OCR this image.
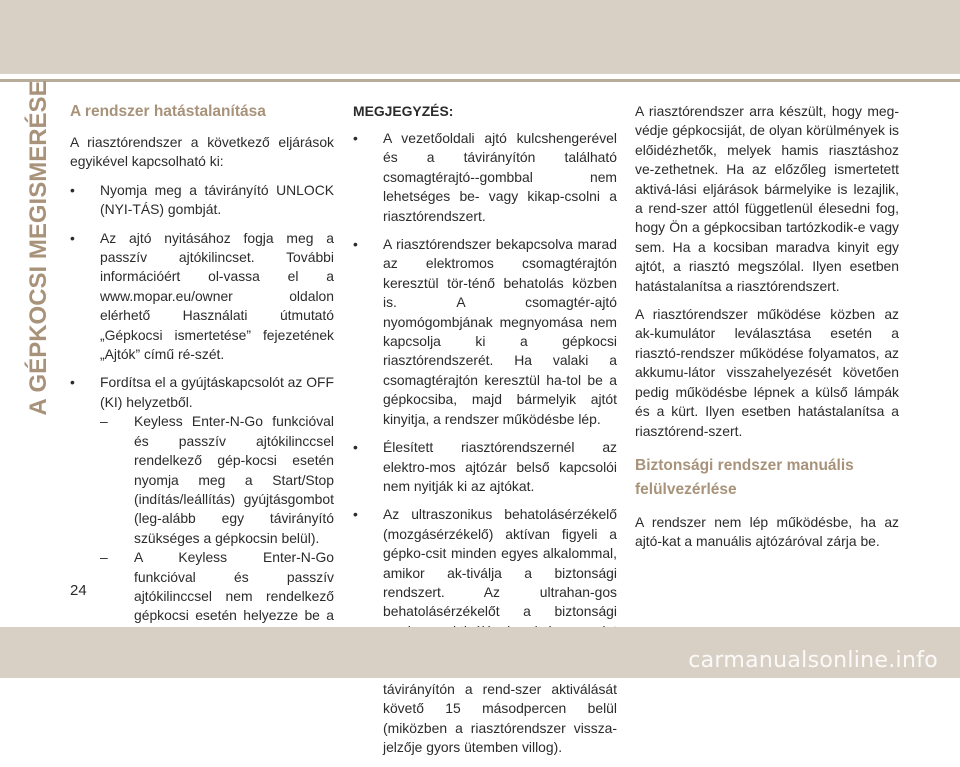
A GÉPKOCSI MEGISMERÉSE A rendszer hatástalanítása

A riasztórendszer a következő eljárások egyikével kapcsolható ki:

• Nyomja meg a távirányító UNLOCK (NYI-TÁS) gombját.
• Az ajtó nyitásához fogja meg a passzív ajtókilincset. További információért ol-vassa el a www.mopar.eu/owner oldalon elérhető Használati útmutató „Gépkocsi ismertetése” fejezetének „Ajtók” című ré-szét.
• Fordítsa el a gyújtáskapcsolót az OFF (KI) helyzetből.
– Keyless Enter-N-Go funkcióval és passzív ajtókilinccsel rendelkező gép-kocsi esetén nyomja meg a Start/Stop (indítás/leállítás) gyújtásgombot (leg-alább egy távirányító szükséges a gépkocsin belül).
– A Keyless Enter-N-Go funkcióval és passzív ajtókilinccsel nem rendelkező gépkocsi esetén helyezze be a
MEGJEGYZÉS:
• A vezetőoldali ajtó kulcshengerével és a távirányítón található csomagtérajtó--gombbal nem lehetséges be- vagy kikap-csolni a riasztórendszert.
• A riasztórendszer bekapcsolva marad az elektromos csomagtérajtón keresztül tör-ténő behatolás közben is. A csomagtér-ajtó nyomógombjának megnyomása nem kapcsolja ki a gépkocsi riasztórendszerét. Ha valaki a csomagtérajtón keresztül ha-tol be a gépkocsiba, majd bármelyik ajtót kinyitja, a rendszer működésbe lép.
• Élesített riasztórendszernél az elektro-mos ajtózár belső kapcsolói nem nyitják ki az ajtókat.
• Az ultraszonikus behatolásérzékelő (mozgásérzékelő) aktívan figyeli a gépko-csit minden egyes alkalommal, amikor ak-tiválja a biztonsági rendszert. Az ultrahan-gos behatolásérzékelőt a biztonsági távirányítón a rend-szer aktiválását követő 15 másodpercen belül (miközben a riasztórendszer vissza-jelzője gyors ütemben villog).

A riasztórendszer arra készült, hogy meg-védje gépkocsiját, de olyan körülmények is előidézhetők, melyek hamis riasztáshoz ve-zethetnek. Ha az előzőleg ismertetett aktivá-lási eljárások bármelyike is lezajlik, a rend-szer attól függetlenül élesedni fog, hogy Ön a gépkocsiban tartózkodik-e vagy sem. Ha a kocsiban maradva kinyit egy ajtót, a riasztó megszólal. Ilyen esetben hatástalanítsa a riasztórendszert.

A riasztórendszer működése közben az ak-kumulátor leválasztása esetén a riasztó-rendszer működése folyamatos, az akkumu-látor visszahelyezését követően pedig működésbe lépnek a külső lámpák és a kürt. Ilyen esetben hatástalanítsa a riasztórend-szert.

Biztonsági rendszer manuális felülvezérlése

A rendszer nem lép működésbe, ha az ajtó-kat a manuális ajtózáróval zárja be.

24
carmanualsonline.info
